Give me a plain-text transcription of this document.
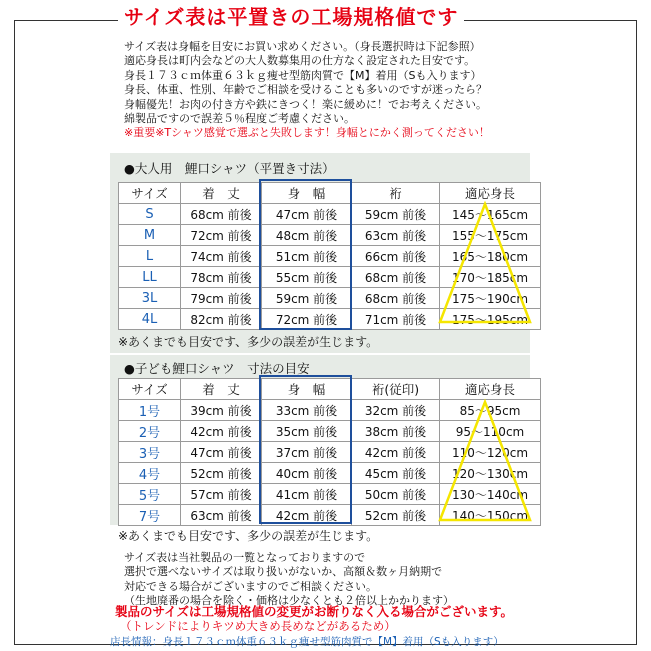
サイズ表は平置きの工場規格値です
サイズ表は身幅を目安にお買い求めください。（身長選択時は下記参照）
適応身長は町内会などの大人数募集用の仕方なく設定された目安です。
身長１７３ｃｍ体重６３ｋｇ痩せ型筋肉質で【M】着用（Sも入ります）
身長、体重、性別、年齢でご相談を受けることも多いのですが迷ったら？
身幅優先！お肉の付き方や鉄にきつく！楽に緩めに！でお考えください。
綿製品ですので誤差５％程度ご考慮ください。
※重要※Tシャツ感覚で選ぶと失敗します！身幅とにかく測ってください！
●大人用　鯉口シャツ（平置き寸法）
サイズ	着　丈	身　幅	裄	適応身長
S	68cm 前後	47cm 前後	59cm 前後	145～165cm
M	72cm 前後	48cm 前後	63cm 前後	155～175cm
L	74cm 前後	51cm 前後	66cm 前後	165～180cm
LL	78cm 前後	55cm 前後	68cm 前後	170～185cm
3L	79cm 前後	59cm 前後	68cm 前後	175～190cm
4L	82cm 前後	72cm 前後	71cm 前後	175～195cm
※あくまでも目安です、多少の誤差が生じます。
●子ども鯉口シャツ　寸法の目安
サイズ	着　丈	身　幅	裄(従印)	適応身長
1号	39cm 前後	33cm 前後	32cm 前後	85～95cm
2号	42cm 前後	35cm 前後	38cm 前後	95～110cm
3号	47cm 前後	37cm 前後	42cm 前後	110～120cm
4号	52cm 前後	40cm 前後	45cm 前後	120～130cm
5号	57cm 前後	41cm 前後	50cm 前後	130～140cm
7号	63cm 前後	42cm 前後	52cm 前後	140～150cm
※あくまでも目安です、多少の誤差が生じます。
サイズ表は当社製品の一覧となっておりますので
選択で選べないサイズは取り扱いがないか、高額＆数ヶ月納期で
対応できる場合がございますのでご相談ください。
（生地廃番の場合を除く・価格は少なくとも２倍以上かかります）
製品のサイズは工場規格値の変更がお断りなく入る場合がございます。
（トレンドによりキツめ大きめ長めなどがあるため）
店長情報：身長１７３ｃｍ体重６３ｋｇ痩せ型筋肉質で【M】着用（Sも入ります）
